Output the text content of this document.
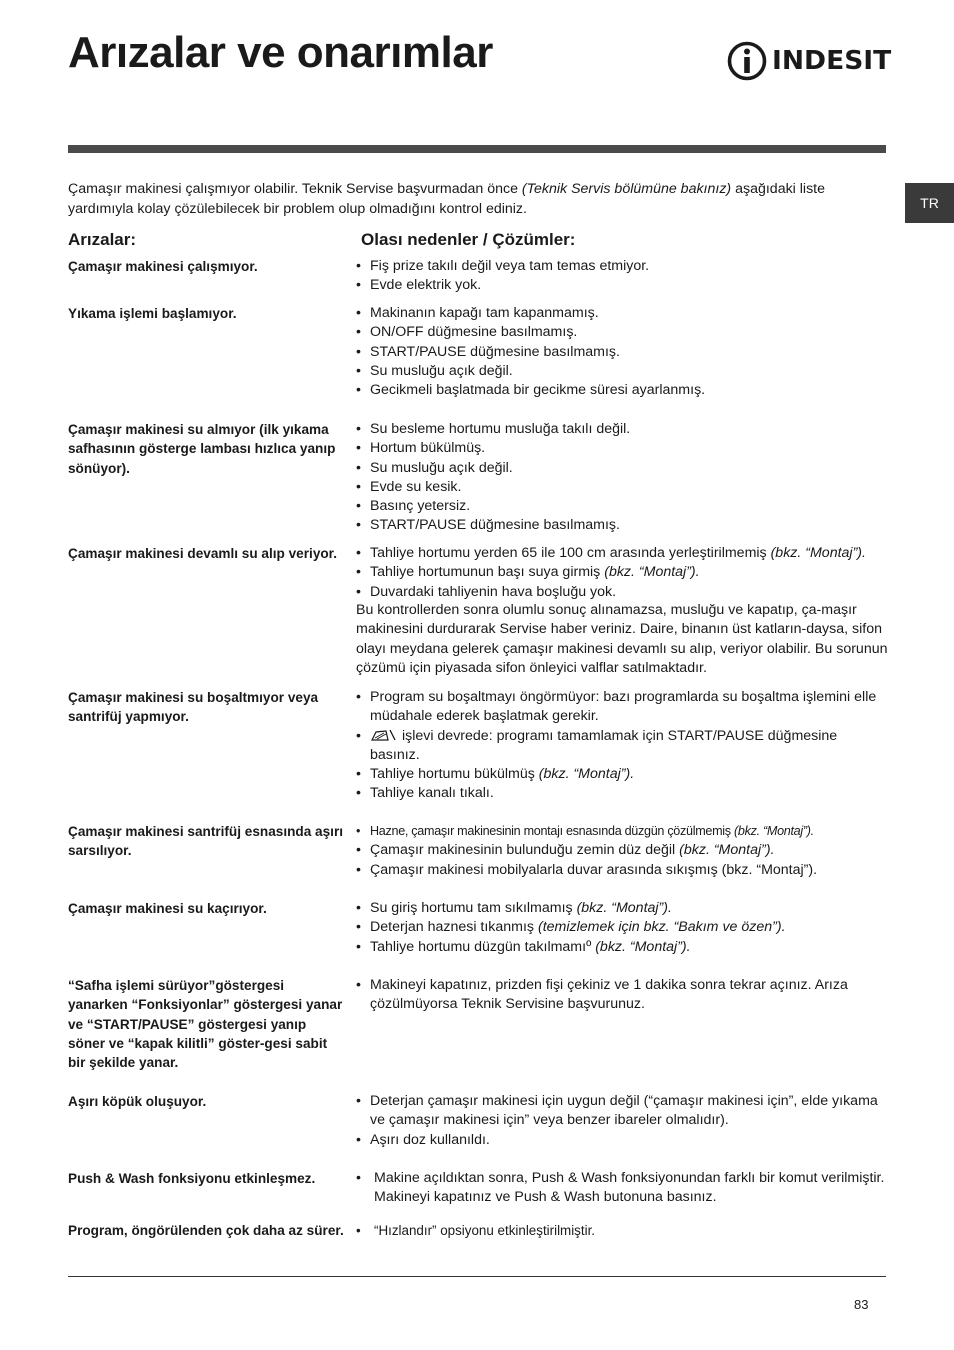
Arızalar ve onarımlar	INDESIT
TR

Çamaşır makinesi çalışmıyor olabilir. Teknik Servise başvurmadan önce (Teknik Servis bölümüne bakınız) aşağıdaki liste yardımıyla kolay çözülebilecek bir problem olup olmadığını kontrol ediniz.

Arızalar:	Olası nedenler / Çözümler:

Çamaşır makinesi çalışmıyor.	• Fiş prize takılı değil veya tam temas etmiyor.
• Evde elektrik yok.

Yıkama işlemi başlamıyor.	• Makinanın kapağı tam kapanmamış.
• ON/OFF düğmesine basılmamış.
• START/PAUSE düğmesine basılmamış.
• Su musluğu açık değil.
• Gecikmeli başlatmada bir gecikme süresi ayarlanmış.

Çamaşır makinesi su almıyor (ilk yıkama safhasının gösterge lambası hızlıca yanıp sönüyor).

• Su besleme hortumu musluğa takılı değil.
• Hortum bükülmüş.
• Su musluğu açık değil.
• Evde su kesik.
• Basınç yetersiz.
• START/PAUSE düğmesine basılmamış.

Çamaşır makinesi devamlı su alıp veriyor.	• Tahliye hortumu yerden 65 ile 100 cm arasında yerleştirilmemiş (bkz. “Montaj”).
• Tahliye hortumunun başı suya girmiş (bkz. “Montaj”).
• Duvardaki tahliyenin hava boşluğu yok.

Bu kontrollerden sonra olumlu sonuç alınamazsa, musluğu ve kapatıp, ça-maşır makinesini durdurarak Servise haber veriniz. Daire, binanın üst katların-daysa, sifon olayı meydana gelerek çamaşır makinesi devamlı su alıp, veriyor olabilir. Bu sorunun çözümü için piyasada sifon önleyici valflar satılmaktadır.

Çamaşır makinesi su boşaltmıyor veya santrifüj yapmıyor.

• Program su boşaltmayı öngörmüyor: bazı programlarda su boşaltma işlemini elle müdahale ederek başlatmak gerekir.
• işlevi devrede: programı tamamlamak için START/PAUSE düğmesine basınız.
• Tahliye hortumu bükülmüş (bkz. “Montaj”).
• Tahliye kanalı tıkalı.

Çamaşır makinesi santrifüj esnasında aşırı sarsılıyor.

• Hazne, çamaşır makinesinin montajı esnasında düzgün çözülmemiş (bkz. “Montaj”).
• Çamaşır makinesinin bulunduğu zemin düz değil (bkz. “Montaj”).
• Çamaşır makinesi mobilyalarla duvar arasında sıkışmış (bkz. “Montaj”).

Çamaşır makinesi su kaçırıyor.	• Su giriş hortumu tam sıkılmamış (bkz. “Montaj”).
• Deterjan haznesi tıkanmış (temizlemek için bkz. “Bakım ve özen”).
• Tahliye hortumu düzgün takılmamıº (bkz. “Montaj”).

“Safha işlemi sürüyor”göstergesi yanarken “Fonksiyonlar” göstergesi yanar ve “START/PAUSE” göstergesi yanıp söner ve “kapak kilitli” göster-gesi sabit bir şekilde yanar.

• Makineyi kapatınız, prizden fişi çekiniz ve 1 dakika sonra tekrar açınız. Arıza çözülmüyorsa Teknik Servisine başvurunuz.

Aşırı köpük oluşuyor.	• Deterjan çamaşır makinesi için uygun değil (“çamaşır makinesi için”, elde yıkama ve çamaşır makinesi için” veya benzer ibareler olmalıdır).
• Aşırı doz kullanıldı.

Push & Wash fonksiyonu etkinleşmez.	• Makine açıldıktan sonra, Push & Wash fonksiyonundan farklı bir komut verilmiştir. Makineyi kapatınız ve Push & Wash butonuna basınız.

Program, öngörülenden çok daha az sürer.	• “Hızlandır” opsiyonu etkinleştirilmiştir.
83
